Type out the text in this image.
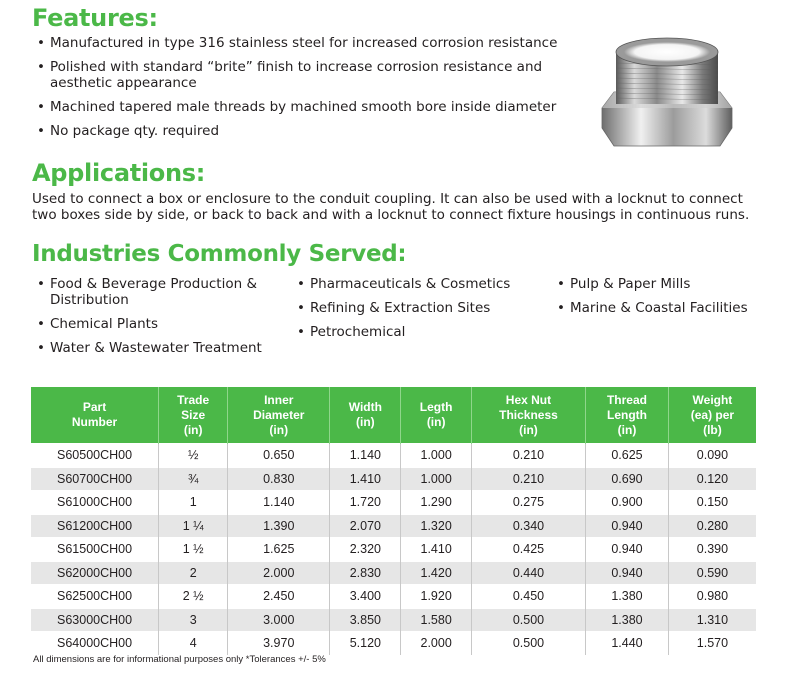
Features:
• Manufactured in type 316 stainless steel for increased corrosion resistance
• Polished with standard “brite” finish to increase corrosion resistance and aesthetic appearance
• Machined tapered male threads by machined smooth bore inside diameter
• No package qty. required
Applications:

Used to connect a box or enclosure to the conduit coupling. It can also be used with a locknut to connect two boxes side by side, or back to back and with a locknut to connect fixture housings in continuous runs.

Industries Commonly Served:
• Food & Beverage Production & Distribution
• Chemical Plants
• Water & Wastewater Treatment
• Pharmaceuticals & Cosmetics
• Refining & Extraction Sites
• Petrochemical
• Pulp & Paper Mills
• Marine & Coastal Facilities
Part
Number	Trade
Size
(in)	Inner
Diameter
(in)	Width
(in)	Legth
(in)	Hex Nut
Thickness
(in)	Thread
Length
(in)	Weight
(ea) per
(lb)
S60500CH00	½	0.650	1.140	1.000	0.210	0.625	0.090
S60700CH00	¾	0.830	1.410	1.000	0.210	0.690	0.120
S61000CH00	1	1.140	1.720	1.290	0.275	0.900	0.150
S61200CH00	1 ¼	1.390	2.070	1.320	0.340	0.940	0.280
S61500CH00	1 ½	1.625	2.320	1.410	0.425	0.940	0.390
S62000CH00	2	2.000	2.830	1.420	0.440	0.940	0.590
S62500CH00	2 ½	2.450	3.400	1.920	0.450	1.380	0.980
S63000CH00	3	3.000	3.850	1.580	0.500	1.380	1.310
S64000CH00	4	3.970	5.120	2.000	0.500	1.440	1.570
All dimensions are for informational purposes only *Tolerances +/- 5%
